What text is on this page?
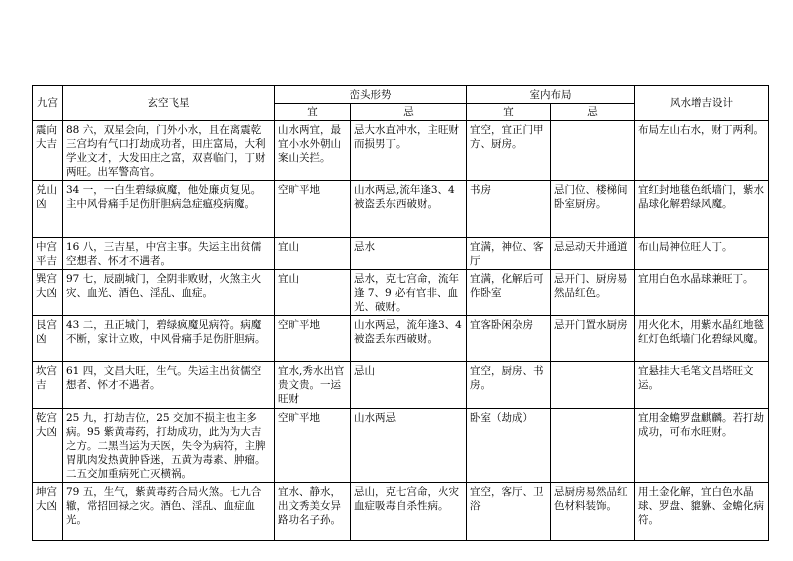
九宫	玄空飞星	峦头形势		室内布局		风水增吉设计
		宜	忌	宜	忌	
震向大吉	88 六，双星会向，门外小水，且在离震乾三宫均有气口打劫成功者，田庄富局，大利学业文才，大发田庄之富，双喜临门，丁财两旺。出军警高官。	山水两宜，最宜小水外朝山案山关拦。	忌大水直冲水，主旺财而损男丁。	宜空，宜正门甲方、厨房。		布局左山右水，财丁两利。
兑山凶	34 一，一白生碧绿疯魔，他处廉贞复见。主中风骨痛手足伤肝胆病急症瘟疫病魔。	空旷平地	山水两忌,流年逢3、4 被盗丢东西破财。	书房	忌门位、楼梯间卧室厨房。	宜红封地毯色纸墙门，紫水晶球化解碧绿风魔。
中宫平吉	16 八，三吉星，中宫主事。失运主出贫儒空想者、怀才不遇者。	宜山	忌水	宜满，神位、客厅	忌忌动天井通道	布山局神位旺人丁。
巽宫大凶	97 七，辰副城门，全阴非败财，火煞主火灾、血光、酒色、淫乱、血症。	宜山	忌水，克七宫命，流年逢 7、9 必有官非、血光、破财。	宜满，化解后可作卧室	忌开门、厨房易然品红色。	宜用白色水晶球兼旺丁。
艮宫凶	43 二，丑正城门，碧绿疯魔见病符。病魔不断，家计立败，中风骨痛手足伤肝胆病。	空旷平地	山水两忌，流年逢3、4 被盗丢东西破财。	宜客卧闲杂房	忌开门置水厨房	用火化木，用紫水晶红地毯红灯色纸墙门化碧绿风魔。
坎宫吉	61 四，文昌大旺，生气。失运主出贫儒空想者、怀才不遇者。	宜水,秀水出官贵文贵。一运旺财	忌山	宜空，厨房、书房。		宜悬挂大毛笔文昌塔旺文运。
乾宫大凶	25 九，打劫吉位，25 交加不损主也主多病。95 紫黄毒药，打劫成功，此为为大吉之方。二黑当运为天医，失令为病符，主脾胃肌肉发热黄肿昏迷，五黄为毒素、肿瘤。二五交加重病死亡灭横祸。	空旷平地	山水两忌	卧室（劫成）		宜用金蟾罗盘麒麟。若打劫成功，可布水旺财。
坤宫大凶	79 五，生气，紫黄毒药合局火煞。七九合辙，常招回禄之灾。酒色、淫乱、血症血光。	宜水、静水，出文秀美女异路功名子孙。	忌山，克七宫命，火灾血症吸毒自杀性病。	宜空，客厅、卫浴	忌厨房易然品红色材料装饰。	用土金化解，宜白色水晶球、罗盘、貔貅、金蟾化病符。
